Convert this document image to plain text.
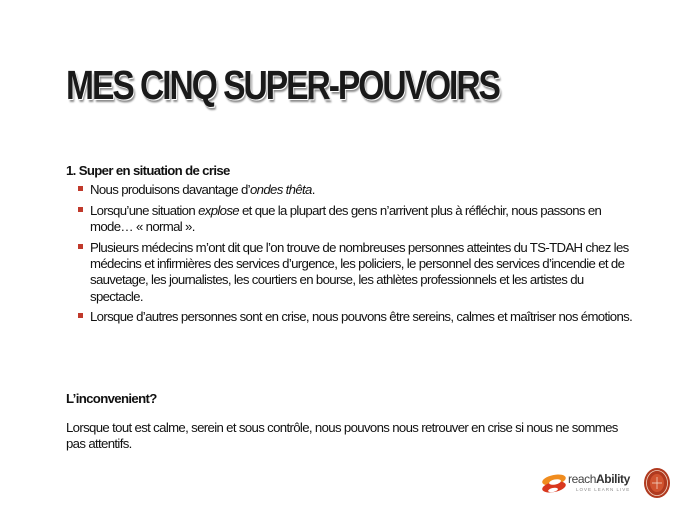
MES CINQ SUPER-POUVOIRS
1. Super en situation de crise
Nous produisons davantage d’ondes thêta.
Lorsqu’une situation explose et que la plupart des gens n’arrivent plus à réfléchir, nous passons en mode… « normal ».
Plusieurs médecins m’ont dit que l’on trouve de nombreuses personnes atteintes du TS-TDAH chez les médecins et infirmières des services d’urgence, les policiers, le personnel des services d’incendie et de sauvetage, les journalistes, les courtiers en bourse, les athlètes professionnels et les artistes du spectacle.
Lorsque d’autres personnes sont en crise, nous pouvons être sereins, calmes et maîtriser nos émotions.
L’inconvenient?
Lorsque tout est calme, serein et sous contrôle, nous pouvons nous retrouver en crise si nous ne sommes pas attentifs.
reachAbility
LOVE LEARN LIVE
